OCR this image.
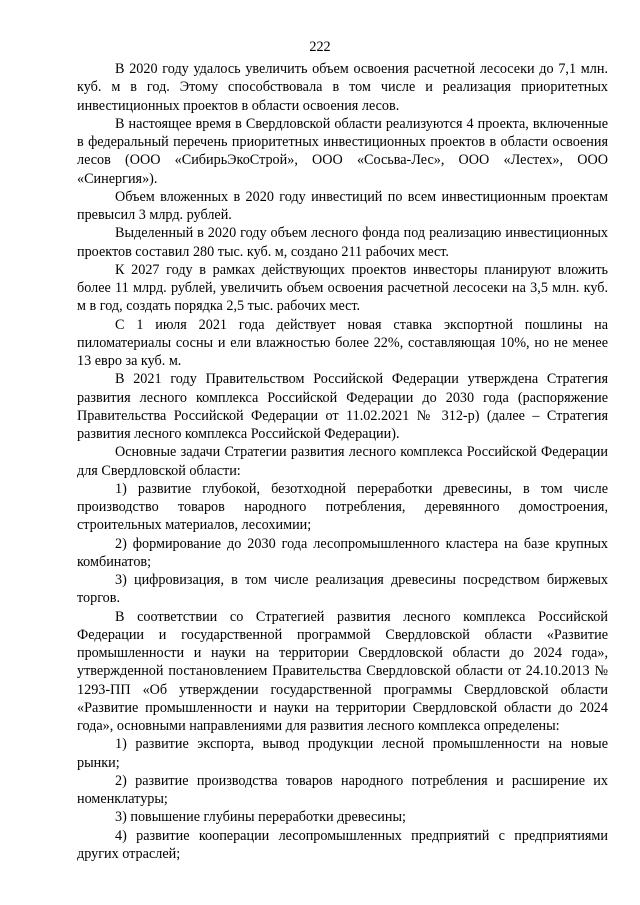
222

В 2020 году удалось увеличить объем освоения расчетной лесосеки до 7,1 млн. куб. м в год. Этому способствовала в том числе и реализация приоритетных инвестиционных проектов в области освоения лесов.

В настоящее время в Свердловской области реализуются 4 проекта, включенные в федеральный перечень приоритетных инвестиционных проектов в области освоения лесов (ООО «СибирьЭкоСтрой», ООО «Сосьва-Лес», ООО «Лестех», ООО «Синергия»).

Объем вложенных в 2020 году инвестиций по всем инвестиционным проектам превысил 3 млрд. рублей.

Выделенный в 2020 году объем лесного фонда под реализацию инвестиционных проектов составил 280 тыс. куб. м, создано 211 рабочих мест.

К 2027 году в рамках действующих проектов инвесторы планируют вложить более 11 млрд. рублей, увеличить объем освоения расчетной лесосеки на 3,5 млн. куб. м в год, создать порядка 2,5 тыс. рабочих мест.

С 1 июля 2021 года действует новая ставка экспортной пошлины на пиломатериалы сосны и ели влажностью более 22%, составляющая 10%, но не менее 13 евро за куб. м.

В 2021 году Правительством Российской Федерации утверждена Стратегия развития лесного комплекса Российской Федерации до 2030 года (распоряжение Правительства Российской Федерации от 11.02.2021 № 312-р) (далее – Стратегия развития лесного комплекса Российской Федерации).

Основные задачи Стратегии развития лесного комплекса Российской Федерации для Свердловской области:

1) развитие глубокой, безотходной переработки древесины, в том числе производство товаров народного потребления, деревянного домостроения, строительных материалов, лесохимии;

2) формирование до 2030 года лесопромышленного кластера на базе крупных комбинатов;

3) цифровизация, в том числе реализация древесины посредством биржевых торгов.

В соответствии со Стратегией развития лесного комплекса Российской Федерации и государственной программой Свердловской области «Развитие промышленности и науки на территории Свердловской области до 2024 года», утвержденной постановлением Правительства Свердловской области от 24.10.2013 № 1293-ПП «Об утверждении государственной программы Свердловской области «Развитие промышленности и науки на территории Свердловской области до 2024 года», основными направлениями для развития лесного комплекса определены:

1) развитие экспорта, вывод продукции лесной промышленности на новые рынки;

2) развитие производства товаров народного потребления и расширение их номенклатуры;

3) повышение глубины переработки древесины;

4) развитие кооперации лесопромышленных предприятий с предприятиями других отраслей;
